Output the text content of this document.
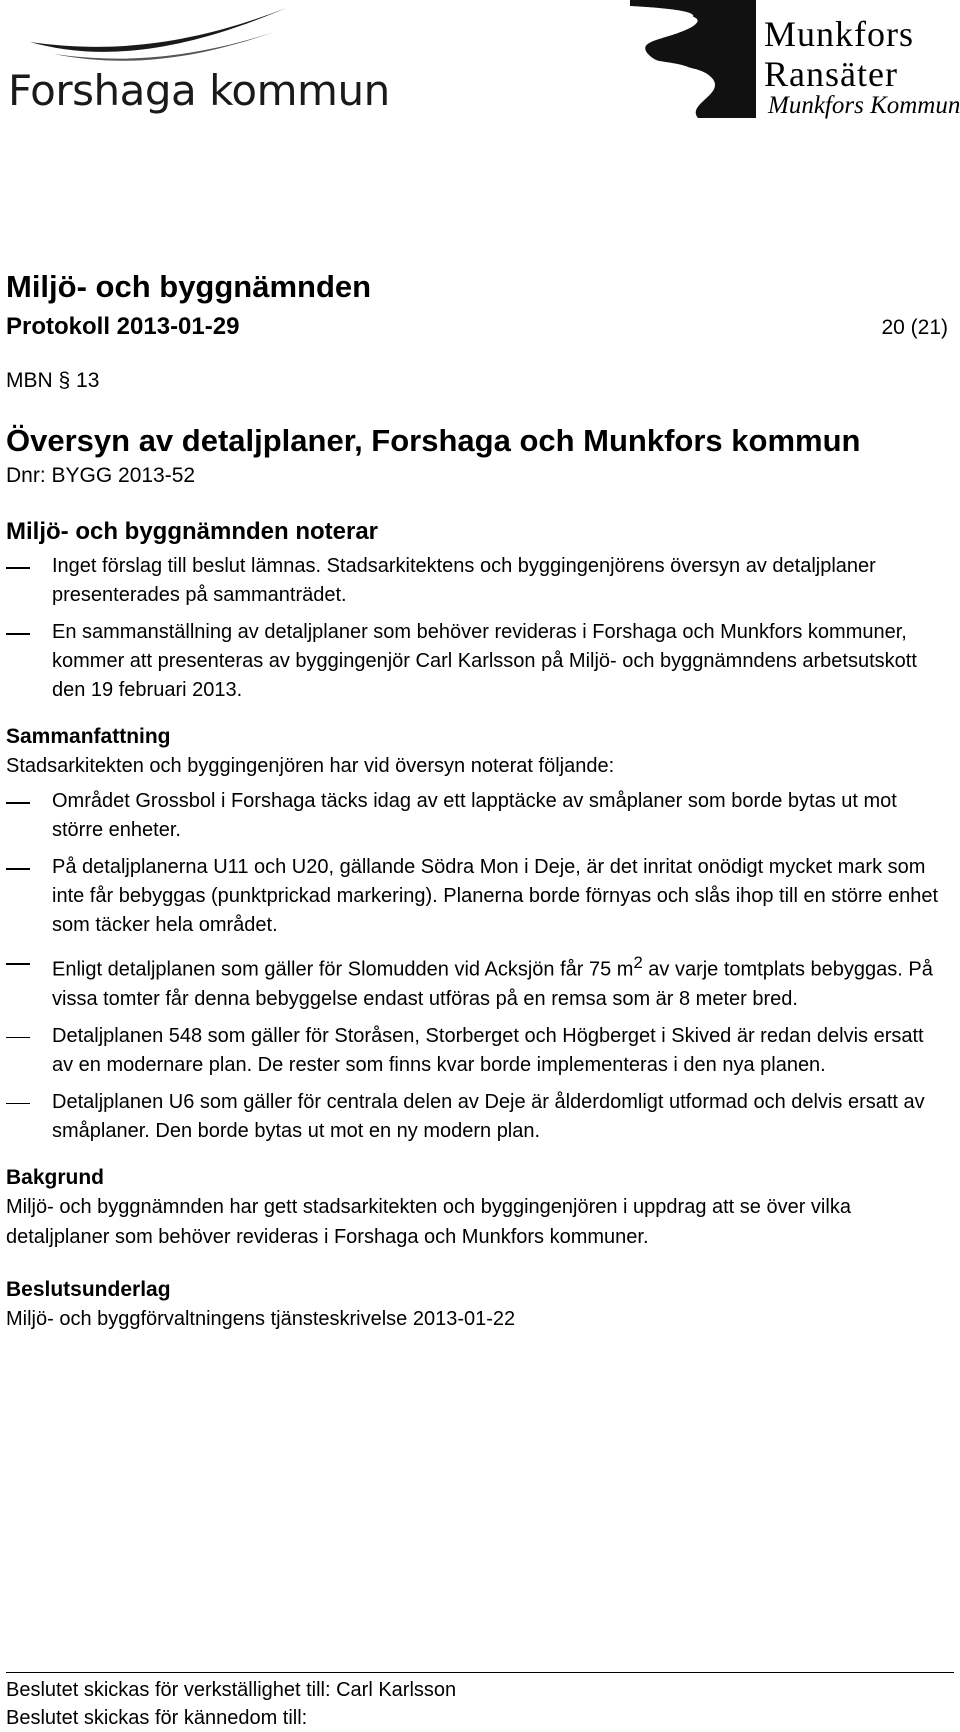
Forshaga kommun
Munkfors
Ransäter
Munkfors Kommun
Miljö- och byggnämnden
Protokoll 2013-01-29	20 (21)
MBN § 13
Översyn av detaljplaner, Forshaga och Munkfors kommun
Dnr: BYGG 2013-52
Miljö- och byggnämnden noterar
Inget förslag till beslut lämnas. Stadsarkitektens och byggingenjörens översyn av detaljplaner presenterades på sammanträdet.
En sammanställning av detaljplaner som behöver revideras i Forshaga och Munkfors kommuner, kommer att presenteras av byggingenjör Carl Karlsson på Miljö- och byggnämndens arbetsutskott den 19 februari 2013.
Sammanfattning
Stadsarkitekten och byggingenjören har vid översyn noterat följande:
Området Grossbol i Forshaga täcks idag av ett lapptäcke av småplaner som borde bytas ut mot större enheter.
På detaljplanerna U11 och U20, gällande Södra Mon i Deje, är det inritat onödigt mycket mark som inte får bebyggas (punktprickad markering). Planerna borde förnyas och slås ihop till en större enhet som täcker hela området.
Enligt detaljplanen som gäller för Slomudden vid Acksjön får 75 $m^2$ av varje tomtplats bebyggas. På vissa tomter får denna bebyggelse endast utföras på en remsa som är 8 meter bred.
Detaljplanen 548 som gäller för Storåsen, Storberget och Högberget i Skived är redan delvis ersatt av en modernare plan. De rester som finns kvar borde implementeras i den nya planen.
Detaljplanen U6 som gäller för centrala delen av Deje är ålderdomligt utformad och delvis ersatt av småplaner. Den borde bytas ut mot en ny modern plan.
Bakgrund
Miljö- och byggnämnden har gett stadsarkitekten och byggingenjören i uppdrag att se över vilka detaljplaner som behöver revideras i Forshaga och Munkfors kommuner.
Beslutsunderlag
Miljö- och byggförvaltningens tjänsteskrivelse 2013-01-22
Beslutet skickas för verkställighet till: Carl Karlsson
Beslutet skickas för kännedom till:
